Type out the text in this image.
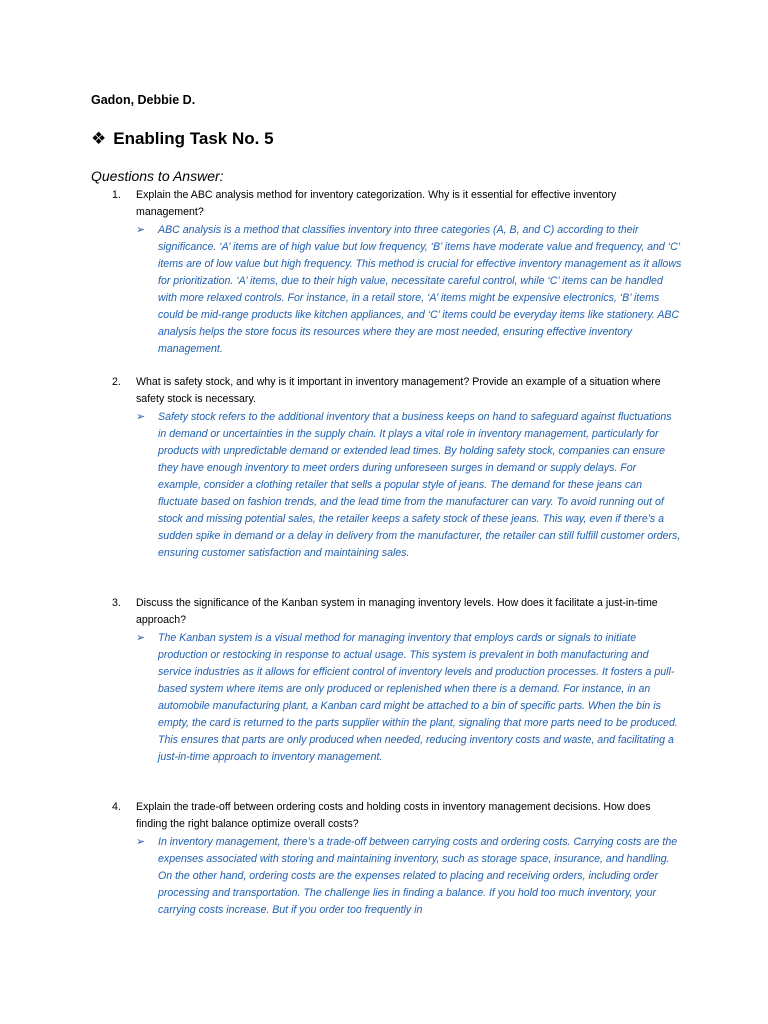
Gadon, Debbie D.
❖ Enabling Task No. 5
Questions to Answer:
1. Explain the ABC analysis method for inventory categorization. Why is it essential for effective inventory management?
➢ ABC analysis is a method that classifies inventory into three categories (A, B, and C) according to their significance. ‘A’ items are of high value but low frequency, ‘B’ items have moderate value and frequency, and ‘C’ items are of low value but high frequency. This method is crucial for effective inventory management as it allows for prioritization. ‘A’ items, due to their high value, necessitate careful control, while ‘C’ items can be handled with more relaxed controls. For instance, in a retail store, ‘A’ items might be expensive electronics, ‘B’ items could be mid-range products like kitchen appliances, and ‘C’ items could be everyday items like stationery. ABC analysis helps the store focus its resources where they are most needed, ensuring effective inventory management.
2. What is safety stock, and why is it important in inventory management? Provide an example of a situation where safety stock is necessary.
➢ Safety stock refers to the additional inventory that a business keeps on hand to safeguard against fluctuations in demand or uncertainties in the supply chain. It plays a vital role in inventory management, particularly for products with unpredictable demand or extended lead times. By holding safety stock, companies can ensure they have enough inventory to meet orders during unforeseen surges in demand or supply delays. For example, consider a clothing retailer that sells a popular style of jeans. The demand for these jeans can fluctuate based on fashion trends, and the lead time from the manufacturer can vary. To avoid running out of stock and missing potential sales, the retailer keeps a safety stock of these jeans. This way, even if there’s a sudden spike in demand or a delay in delivery from the manufacturer, the retailer can still fulfill customer orders, ensuring customer satisfaction and maintaining sales.
3. Discuss the significance of the Kanban system in managing inventory levels. How does it facilitate a just-in-time approach?
➢ The Kanban system is a visual method for managing inventory that employs cards or signals to initiate production or restocking in response to actual usage. This system is prevalent in both manufacturing and service industries as it allows for efficient control of inventory levels and production processes. It fosters a pull-based system where items are only produced or replenished when there is a demand. For instance, in an automobile manufacturing plant, a Kanban card might be attached to a bin of specific parts. When the bin is empty, the card is returned to the parts supplier within the plant, signaling that more parts need to be produced. This ensures that parts are only produced when needed, reducing inventory costs and waste, and facilitating a just-in-time approach to inventory management.
4. Explain the trade-off between ordering costs and holding costs in inventory management decisions. How does finding the right balance optimize overall costs?
➢ In inventory management, there’s a trade-off between carrying costs and ordering costs. Carrying costs are the expenses associated with storing and maintaining inventory, such as storage space, insurance, and handling. On the other hand, ordering costs are the expenses related to placing and receiving orders, including order processing and transportation. The challenge lies in finding a balance. If you hold too much inventory, your carrying costs increase. But if you order too frequently in
